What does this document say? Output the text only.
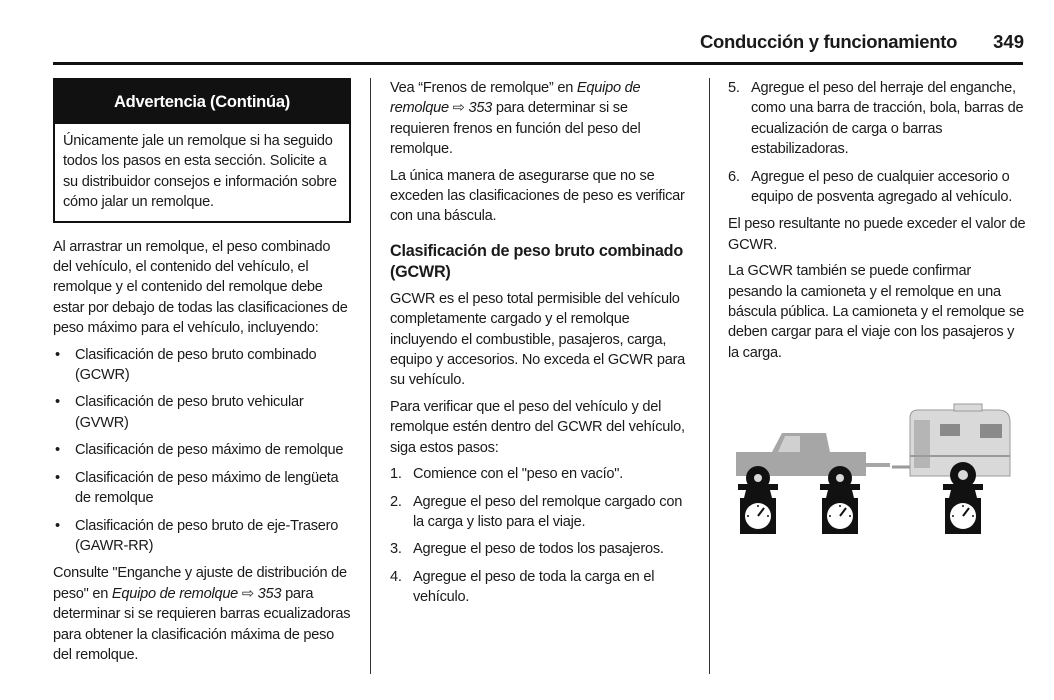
Conducción y funcionamiento 349
Advertencia (Continúa)
Únicamente jale un remolque si ha seguido todos los pasos en esta sección. Solicite a su distribuidor consejos e información sobre cómo jalar un remolque.

Al arrastrar un remolque, el peso combinado del vehículo, el contenido del vehículo, el remolque y el contenido del remolque debe estar por debajo de todas las clasificaciones de peso máximo para el vehículo, incluyendo:

• Clasificación de peso bruto combinado (GCWR)
• Clasificación de peso bruto vehicular (GVWR)
• Clasificación de peso máximo de remolque
• Clasificación de peso máximo de lengüeta de remolque
• Clasificación de peso bruto de eje-Trasero (GAWR-RR)

Consulte "Enganche y ajuste de distribución de peso" en Equipo de remolque ⇨ 353 para determinar si se requieren barras ecualizadoras para obtener la clasificación máxima de peso del remolque.

Vea “Frenos de remolque” en Equipo de remolque ⇨ 353 para determinar si se requieren frenos en función del peso del remolque.

La única manera de asegurarse que no se exceden las clasificaciones de peso es verificar con una báscula.

Clasificación de peso bruto combinado (GCWR)

GCWR es el peso total permisible del vehículo completamente cargado y el remolque incluyendo el combustible, pasajeros, carga, equipo y accesorios. No exceda el GCWR para su vehículo.

Para verificar que el peso del vehículo y del remolque estén dentro del GCWR del vehículo, siga estos pasos:

1. Comience con el "peso en vacío".
2. Agregue el peso del remolque cargado con la carga y listo para el viaje.
3. Agregue el peso de todos los pasajeros.
4. Agregue el peso de toda la carga en el vehículo.
5. Agregue el peso del herraje del enganche, como una barra de tracción, bola, barras de ecualización de carga o barras estabilizadoras.
6. Agregue el peso de cualquier accesorio o equipo de posventa agregado al vehículo.

El peso resultante no puede exceder el valor de GCWR.

La GCWR también se puede confirmar pesando la camioneta y el remolque en una báscula pública. La camioneta y el remolque se deben cargar para el viaje con los pasajeros y la carga.
